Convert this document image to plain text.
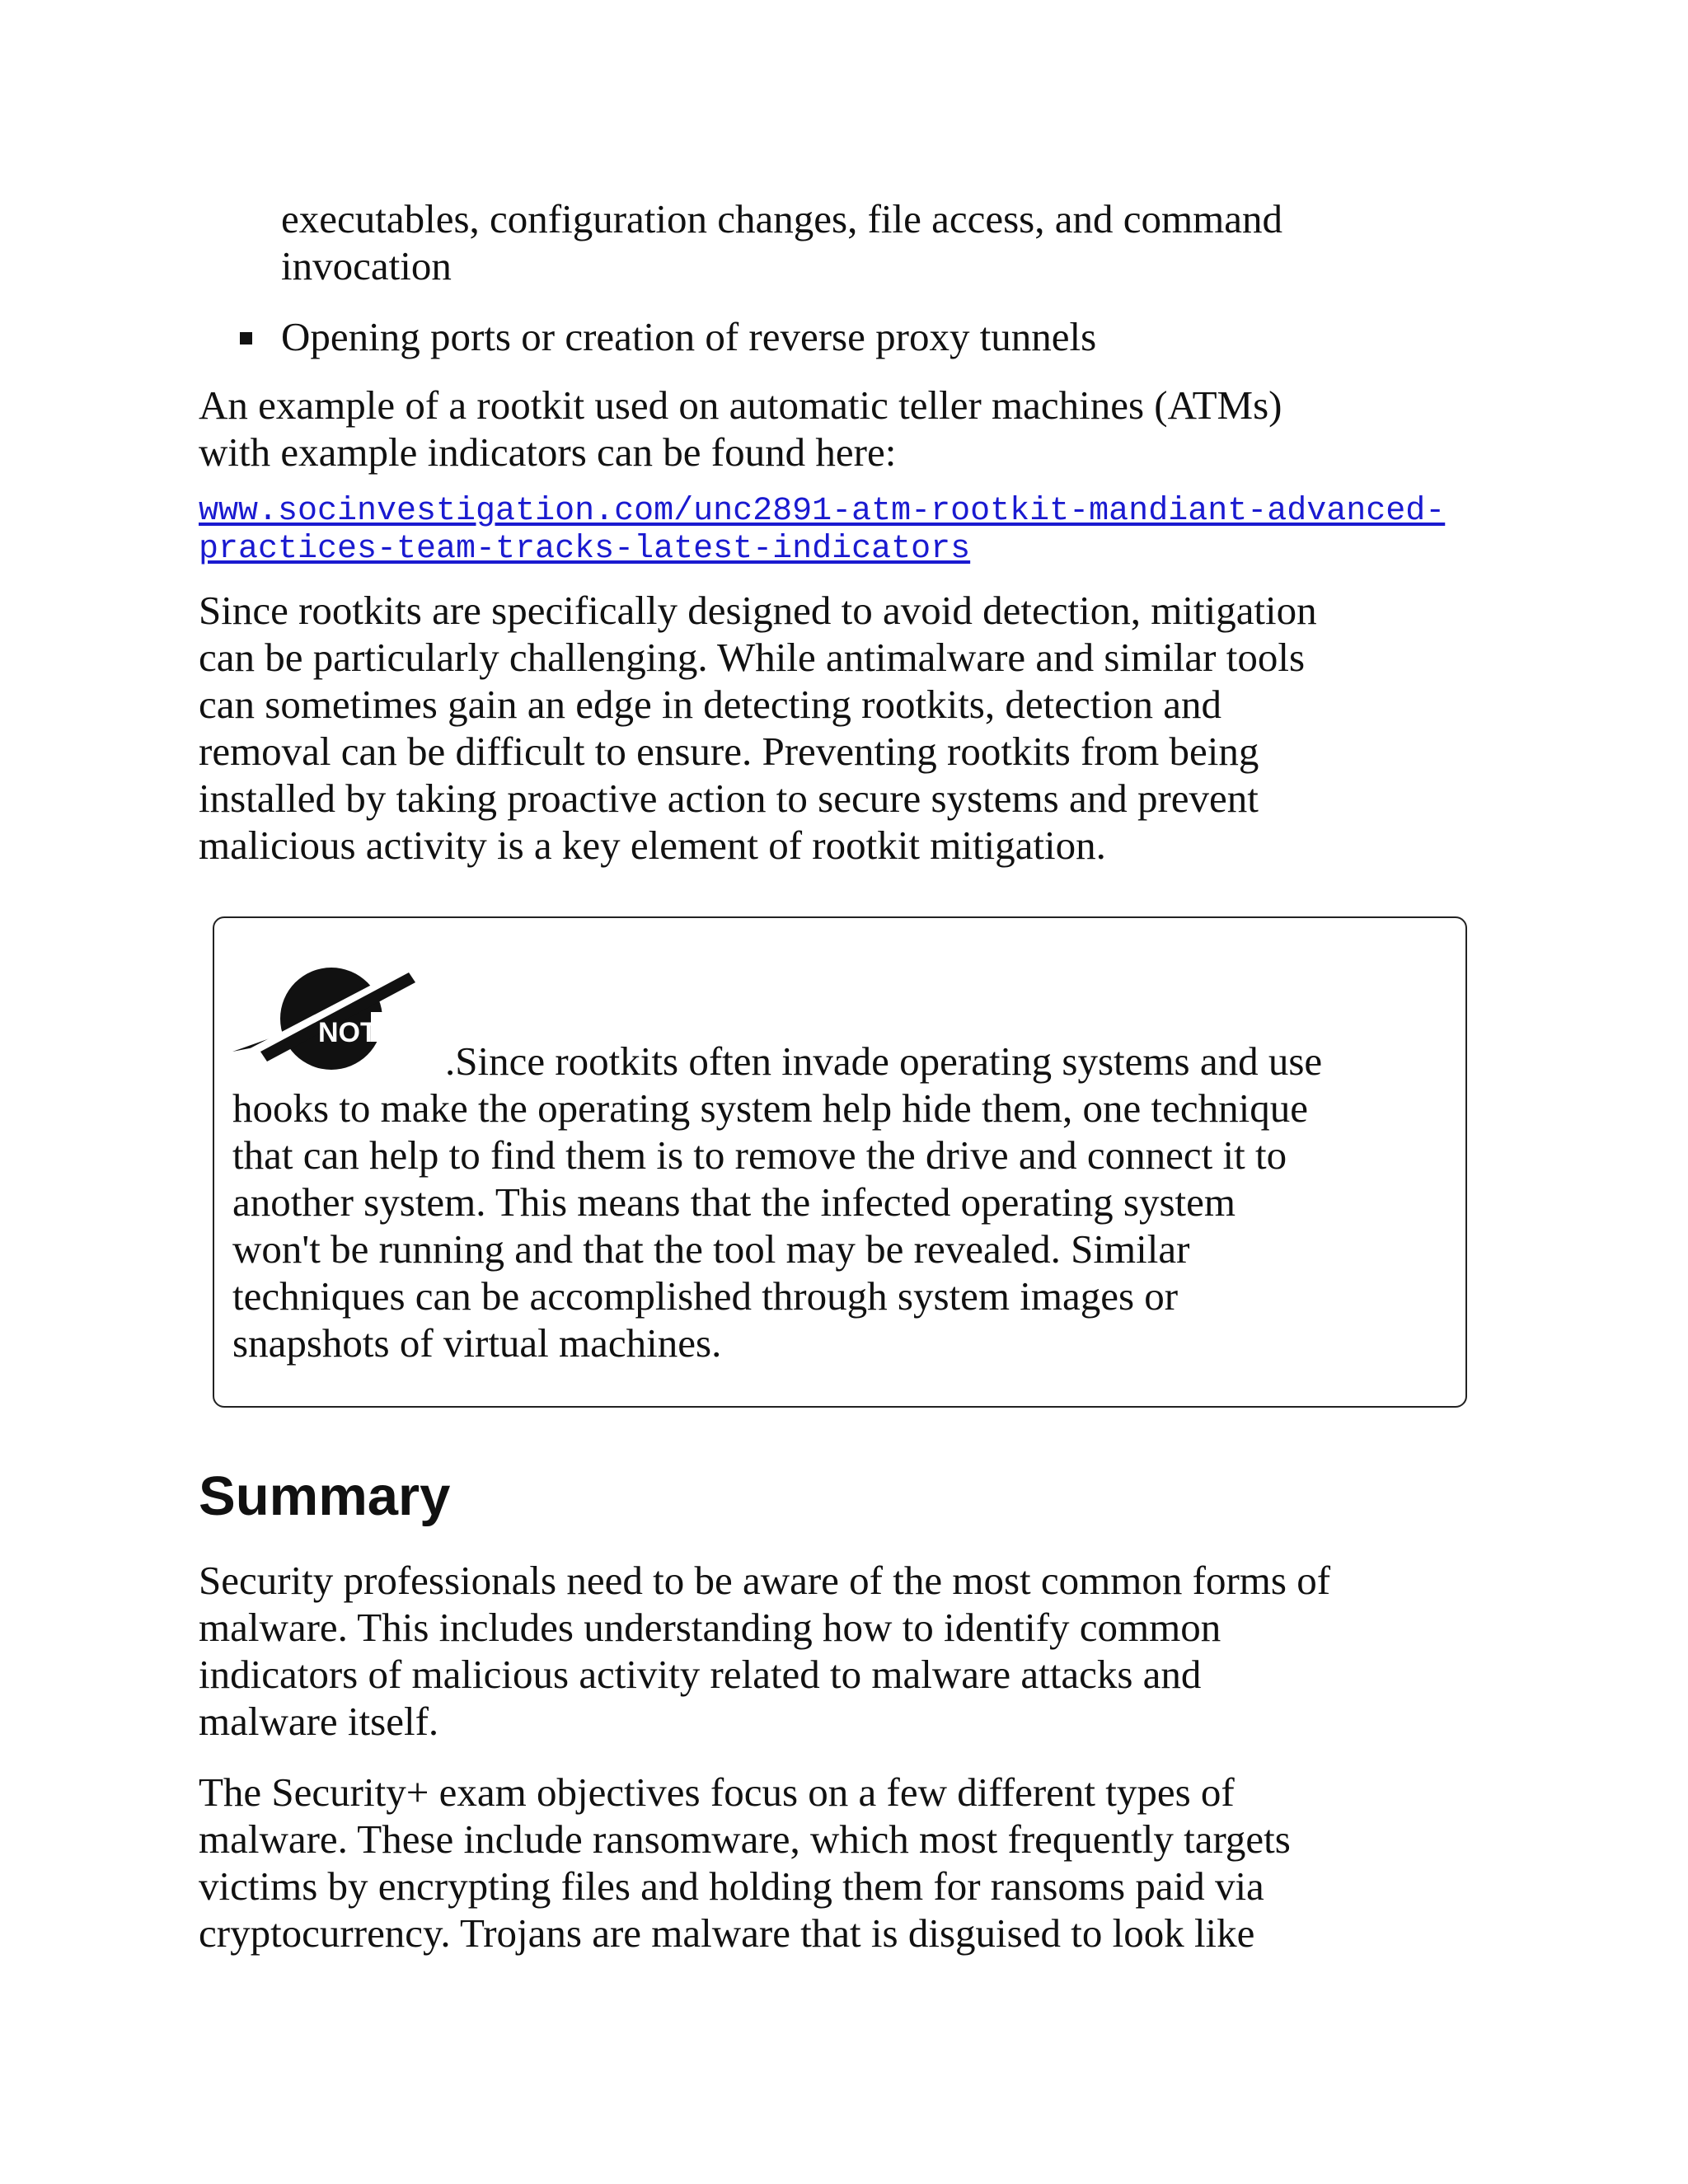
executables, configuration changes, file access, and command
invocation

Opening ports or creation of reverse proxy tunnels

An example of a rootkit used on automatic teller machines (ATMs)
with example indicators can be found here:

www.socinvestigation.com/unc2891-atm-rootkit-mandiant-advanced-
practices-team-tracks-latest-indicators

Since rootkits are specifically designed to avoid detection, mitigation
can be particularly challenging. While antimalware and similar tools
can sometimes gain an edge in detecting rootkits, detection and
removal can be difficult to ensure. Preventing rootkits from being
installed by taking proactive action to secure systems and prevent
malicious activity is a key element of rootkit mitigation.

NOTE

.Since rootkits often invade operating systems and use
hooks to make the operating system help hide them, one technique
that can help to find them is to remove the drive and connect it to
another system. This means that the infected operating system
won't be running and that the tool may be revealed. Similar
techniques can be accomplished through system images or
snapshots of virtual machines.

Summary

Security professionals need to be aware of the most common forms of
malware. This includes understanding how to identify common
indicators of malicious activity related to malware attacks and
malware itself.

The Security+ exam objectives focus on a few different types of
malware. These include ransomware, which most frequently targets
victims by encrypting files and holding them for ransoms paid via
cryptocurrency. Trojans are malware that is disguised to look like
